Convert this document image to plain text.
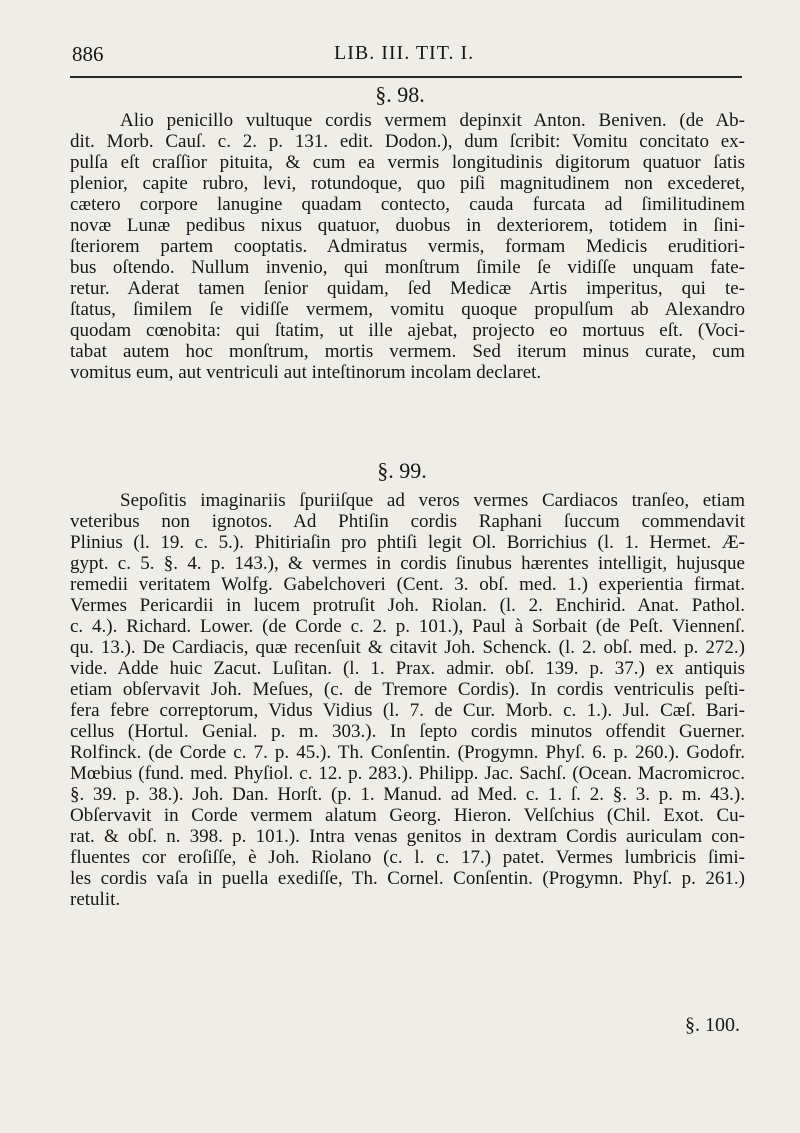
886	LIB. III. TIT. I.
§. 98.
Alio penicillo vultuque cordis vermem depinxit Anton. Beniven. (de Ab-
dit. Morb. Cauſ. c. 2. p. 131. edit. Dodon.), dum ſcribit: Vomitu concitato ex-
pulſa eſt craſſior pituita, & cum ea vermis longitudinis digitorum quatuor ſatis
plenior, capite rubro, levi, rotundoque, quo piſi magnitudinem non excederet,
cætero corpore lanugine quadam contecto, cauda furcata ad ſimilitudinem
novæ Lunæ pedibus nixus quatuor, duobus in dexteriorem, totidem in ſini-
ſteriorem partem cooptatis. Admiratus vermis, formam Medicis eruditiori-
bus oſtendo. Nullum invenio, qui monſtrum ſimile ſe vidiſſe unquam fate-
retur. Aderat tamen ſenior quidam, ſed Medicæ Artis imperitus, qui te-
ſtatus, ſimilem ſe vidiſſe vermem, vomitu quoque propulſum ab Alexandro
quodam cœnobita: qui ſtatim, ut ille ajebat, projecto eo mortuus eſt. (Voci-
tabat autem hoc monſtrum, mortis vermem. Sed iterum minus curate, cum
vomitus eum, aut ventriculi aut inteſtinorum incolam declaret.
§. 99.
Sepoſitis imaginariis ſpuriiſque ad veros vermes Cardiacos tranſeo, etiam
veteribus non ignotos. Ad Phtiſin cordis Raphani ſuccum commendavit
Plinius (l. 19. c. 5.). Phitiriaſin pro phtiſi legit Ol. Borrichius (l. 1. Hermet. Æ-
gypt. c. 5. §. 4. p. 143.), & vermes in cordis ſinubus hærentes intelligit, hujusque
remedii veritatem Wolfg. Gabelchoveri (Cent. 3. obſ. med. 1.) experientia firmat.
Vermes Pericardii in lucem protruſit Joh. Riolan. (l. 2. Enchirid. Anat. Pathol.
c. 4.). Richard. Lower. (de Corde c. 2. p. 101.), Paul à Sorbait (de Peſt. Viennenſ.
qu. 13.). De Cardiacis, quæ recenſuit & citavit Joh. Schenck. (l. 2. obſ. med. p. 272.)
vide. Adde huic Zacut. Luſitan. (l. 1. Prax. admir. obſ. 139. p. 37.) ex antiquis
etiam obſervavit Joh. Meſues, (c. de Tremore Cordis). In cordis ventriculis peſti-
fera febre correptorum, Vidus Vidius (l. 7. de Cur. Morb. c. 1.). Jul. Cæſ. Bari-
cellus (Hortul. Genial. p. m. 303.). In ſepto cordis minutos offendit Guerner.
Rolfinck. (de Corde c. 7. p. 45.). Th. Conſentin. (Progymn. Phyſ. 6. p. 260.). Godofr.
Mœbius (fund. med. Phyſiol. c. 12. p. 283.). Philipp. Jac. Sachſ. (Ocean. Macromicroc.
§. 39. p. 38.). Joh. Dan. Horſt. (p. 1. Manud. ad Med. c. 1. ſ. 2. §. 3. p. m. 43.).
Obſervavit in Corde vermem alatum Georg. Hieron. Velſchius (Chil. Exot. Cu-
rat. & obſ. n. 398. p. 101.). Intra venas genitos in dextram Cordis auriculam con-
fluentes cor eroſiſſe, è Joh. Riolano (c. l. c. 17.) patet. Vermes lumbricis ſimi-
les cordis vaſa in puella exediſſe, Th. Cornel. Conſentin. (Progymn. Phyſ. p. 261.)
retulit.
§. 100.
